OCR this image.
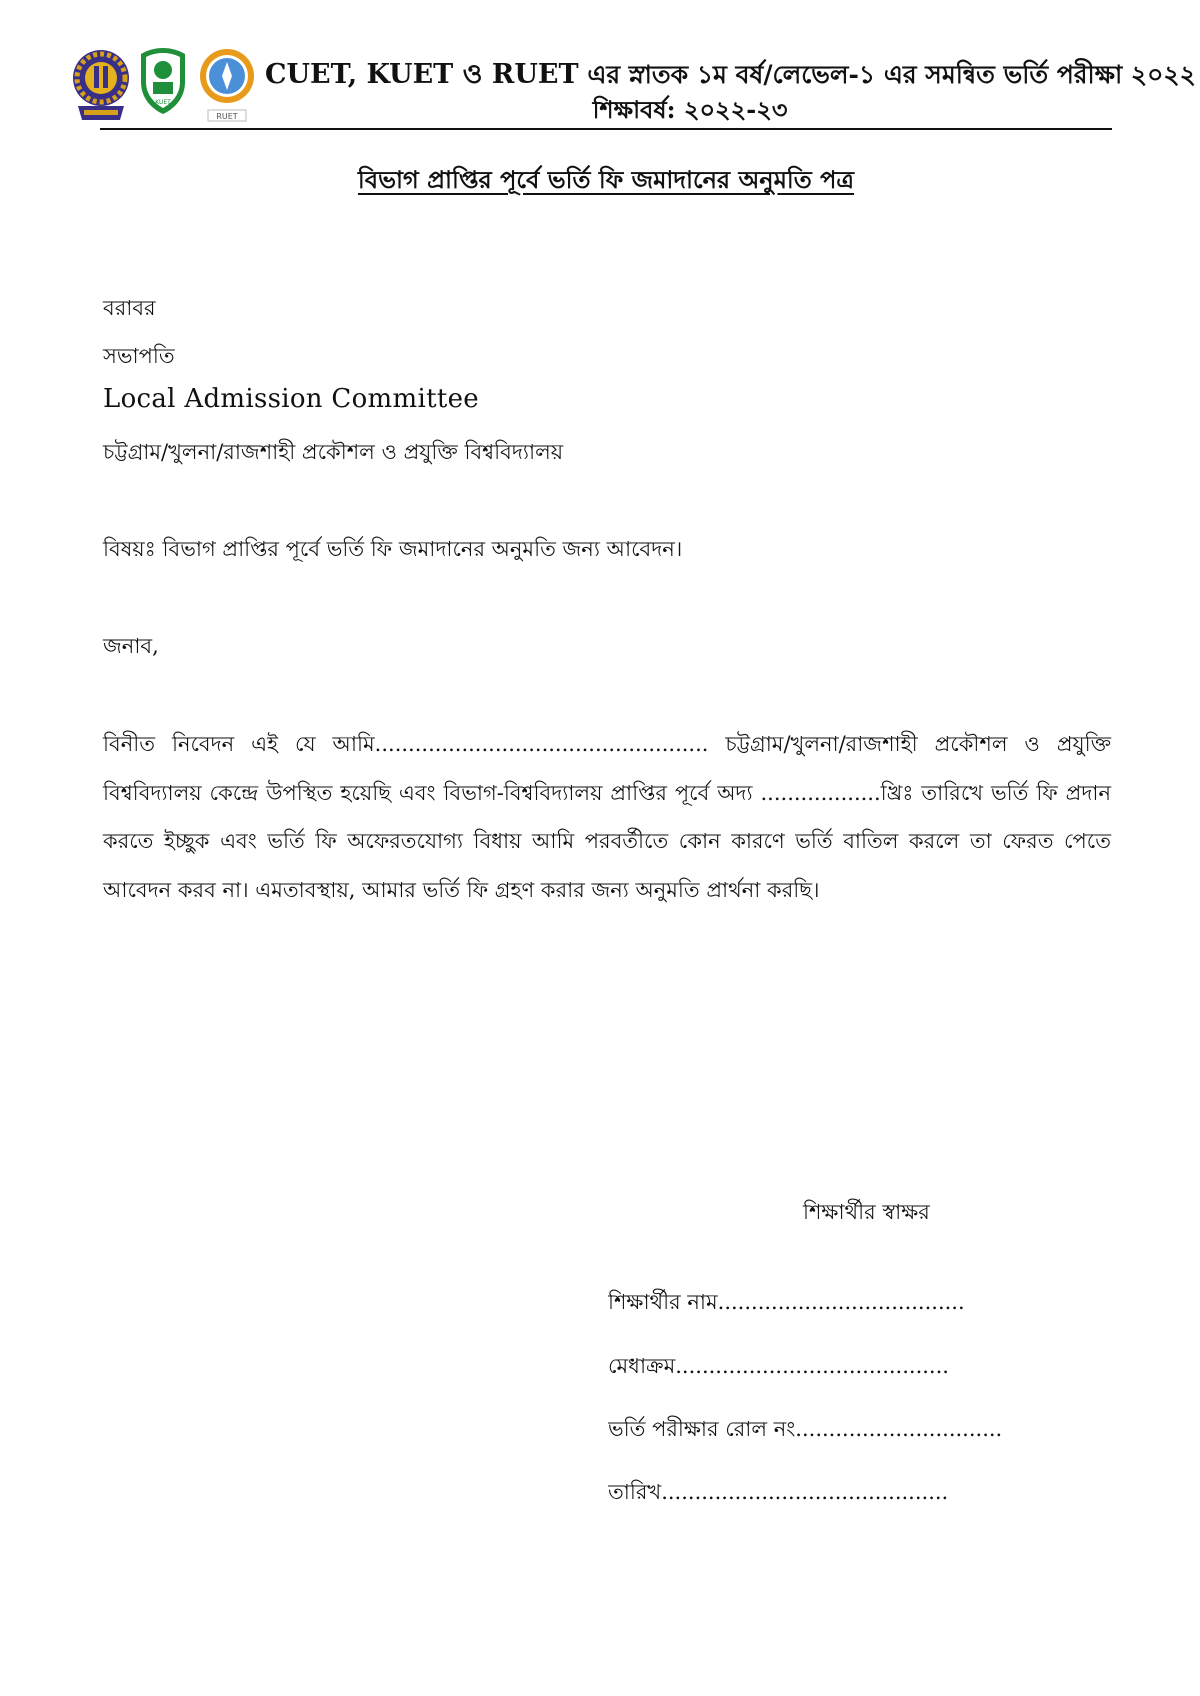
KUET
RUET
CUET, KUET ও RUET এর স্নাতক ১ম বর্ষ/লেভেল-১ এর সমন্বিত ভর্তি পরীক্ষা ২০২২
শিক্ষাবর্ষ: ২০২২-২৩
বিভাগ প্রাপ্তির পূর্বে ভর্তি ফি জমাদানের অনুমতি পত্র
বরাবর
সভাপতি
Local Admission Committee
চট্টগ্রাম/খুলনা/রাজশাহী প্রকৌশল ও প্রযুক্তি বিশ্ববিদ্যালয়
বিষয়ঃ বিভাগ প্রাপ্তির পূর্বে ভর্তি ফি জমাদানের অনুমতি জন্য আবেদন।
জনাব,
বিনীত নিবেদন এই যে আমি.................................................. চট্টগ্রাম/খুলনা/রাজশাহী প্রকৌশল ও প্রযুক্তি বিশ্ববিদ্যালয় কেন্দ্রে উপস্থিত হয়েছি এবং বিভাগ-বিশ্ববিদ্যালয় প্রাপ্তির পূর্বে অদ্য ..................খ্রিঃ তারিখে ভর্তি ফি প্রদান করতে ইচ্ছুক এবং ভর্তি ফি অফেরতযোগ্য বিধায় আমি পরবর্তীতে কোন কারণে ভর্তি বাতিল করলে তা ফেরত পেতে আবেদন করব না। এমতাবস্থায়, আমার ভর্তি ফি গ্রহণ করার জন্য অনুমতি প্রার্থনা করছি।
শিক্ষার্থীর স্বাক্ষর
শিক্ষার্থীর নাম.....................................
মেধাক্রম.........................................
ভর্তি পরীক্ষার রোল নং...............................
তারিখ...........................................
